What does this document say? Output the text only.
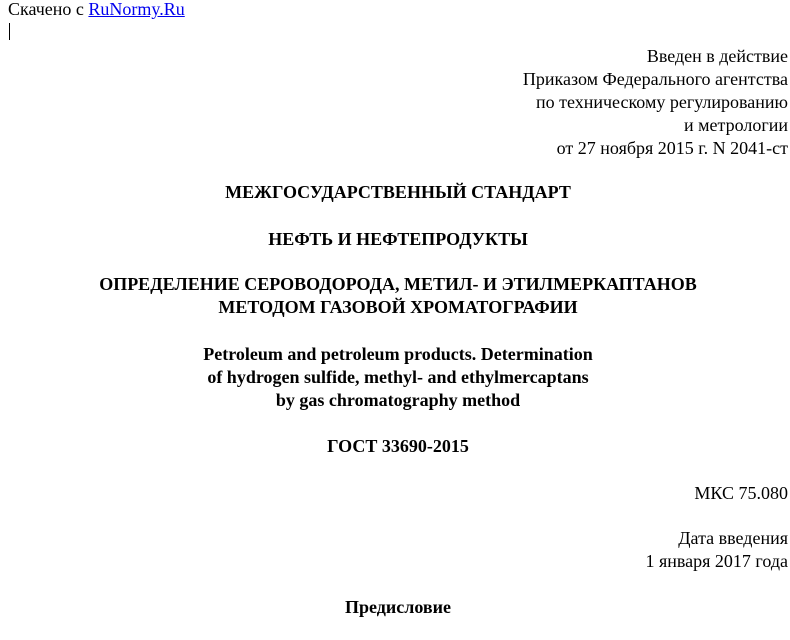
Скачено с RuNormy.Ru
Введен в действие
Приказом Федерального агентства
по техническому регулированию
и метрологии
от 27 ноября 2015 г. N 2041-ст
МЕЖГОСУДАРСТВЕННЫЙ СТАНДАРТ
НЕФТЬ И НЕФТЕПРОДУКТЫ
ОПРЕДЕЛЕНИЕ СЕРОВОДОРОДА, МЕТИЛ- И ЭТИЛМЕРКАПТАНОВ
МЕТОДОМ ГАЗОВОЙ ХРОМАТОГРАФИИ
Petroleum and petroleum products. Determination
of hydrogen sulfide, methyl- and ethylmercaptans
by gas chromatography method
ГОСТ 33690-2015
МКС 75.080
Дата введения
1 января 2017 года
Предисловие
